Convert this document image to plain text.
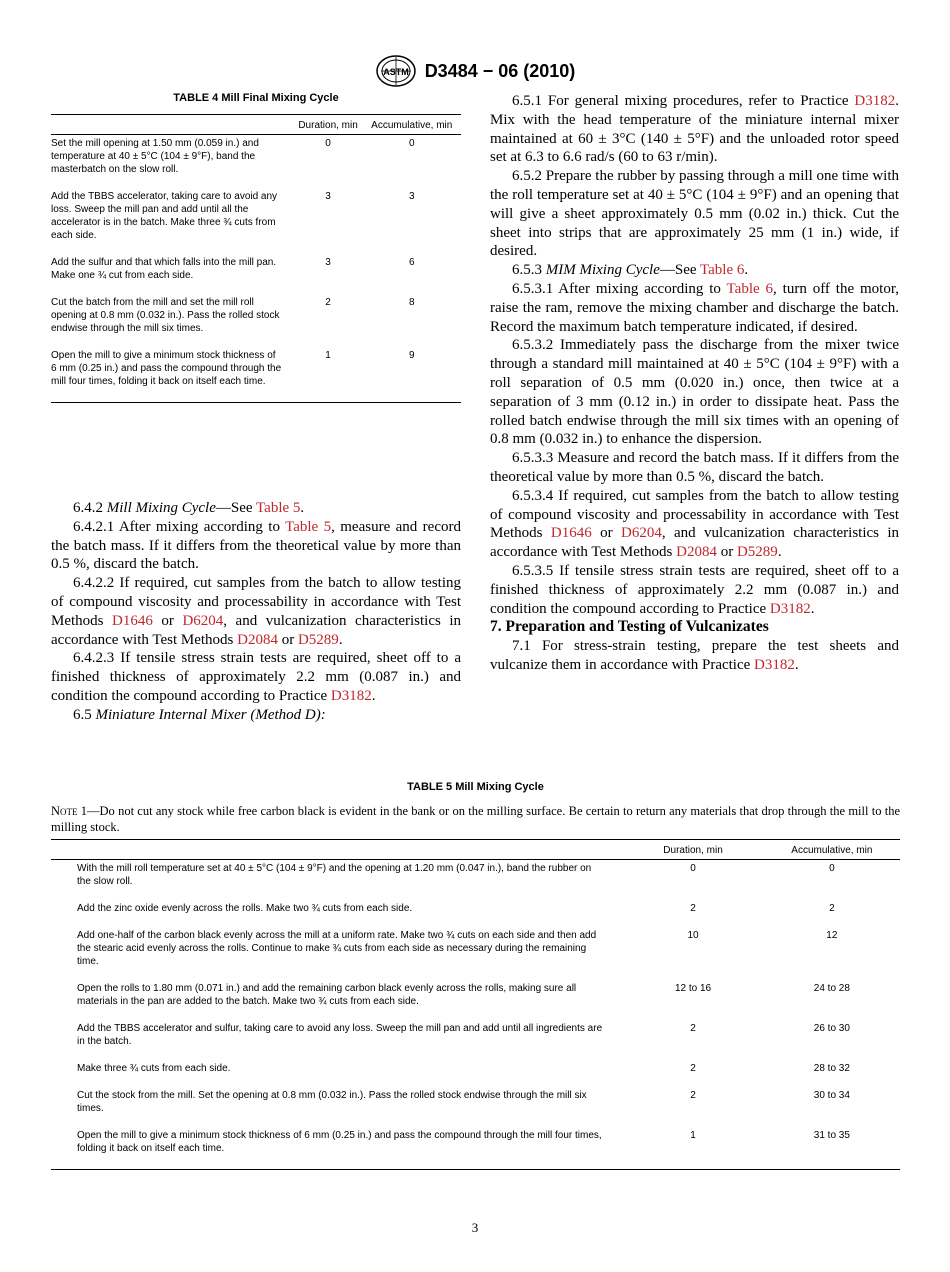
ASTM D3484 − 06 (2010)
TABLE 4 Mill Final Mixing Cycle
	Duration, min	Accumulative, min
Set the mill opening at 1.50 mm (0.059 in.) and temperature at 40 ± 5°C (104 ± 9°F), band the masterbatch on the slow roll.	0	0
Add the TBBS accelerator, taking care to avoid any loss. Sweep the mill pan and add until all the accelerator is in the batch. Make three ¾ cuts from each side.	3	3
Add the sulfur and that which falls into the mill pan. Make one ¾ cut from each side.	3	6
Cut the batch from the mill and set the mill roll opening at 0.8 mm (0.032 in.). Pass the rolled stock endwise through the mill six times.	2	8
Open the mill to give a minimum stock thickness of 6 mm (0.25 in.) and pass the compound through the mill four times, folding it back on itself each time.	1	9

6.4.2 Mill Mixing Cycle—See Table 5.

6.4.2.1 After mixing according to Table 5, measure and record the batch mass. If it differs from the theoretical value by more than 0.5 %, discard the batch.

6.4.2.2 If required, cut samples from the batch to allow testing of compound viscosity and processability in accordance with Test Methods D1646 or D6204, and vulcanization characteristics in accordance with Test Methods D2084 or D5289.

6.4.2.3 If tensile stress strain tests are required, sheet off to a finished thickness of approximately 2.2 mm (0.087 in.) and condition the compound according to Practice D3182.

6.5 Miniature Internal Mixer (Method D):

6.5.1 For general mixing procedures, refer to Practice D3182. Mix with the head temperature of the miniature internal mixer maintained at 60 ± 3°C (140 ± 5°F) and the unloaded rotor speed set at 6.3 to 6.6 rad/s (60 to 63 r/min).

6.5.2 Prepare the rubber by passing through a mill one time with the roll temperature set at 40 ± 5°C (104 ± 9°F) and an opening that will give a sheet approximately 0.5 mm (0.02 in.) thick. Cut the sheet into strips that are approximately 25 mm (1 in.) wide, if desired.

6.5.3 MIM Mixing Cycle—See Table 6.

6.5.3.1 After mixing according to Table 6, turn off the motor, raise the ram, remove the mixing chamber and discharge the batch. Record the maximum batch temperature indicated, if desired.

6.5.3.2 Immediately pass the discharge from the mixer twice through a standard mill maintained at 40 ± 5°C (104 ± 9°F) with a roll separation of 0.5 mm (0.020 in.) once, then twice at a separation of 3 mm (0.12 in.) in order to dissipate heat. Pass the rolled batch endwise through the mill six times with an opening of 0.8 mm (0.032 in.) to enhance the dispersion.

6.5.3.3 Measure and record the batch mass. If it differs from the theoretical value by more than 0.5 %, discard the batch.

6.5.3.4 If required, cut samples from the batch to allow testing of compound viscosity and processability in accordance with Test Methods D1646 or D6204, and vulcanization characteristics in accordance with Test Methods D2084 or D5289.

6.5.3.5 If tensile stress strain tests are required, sheet off to a finished thickness of approximately 2.2 mm (0.087 in.) and condition the compound according to Practice D3182.

7. Preparation and Testing of Vulcanizates

7.1 For stress-strain testing, prepare the test sheets and vulcanize them in accordance with Practice D3182.

TABLE 5 Mill Mixing Cycle

Note 1—Do not cut any stock while free carbon black is evident in the bank or on the milling surface. Be certain to return any materials that drop through the mill to the milling stock.

	Duration, min	Accumulative, min
With the mill roll temperature set at 40 ± 5°C (104 ± 9°F) and the opening at 1.20 mm (0.047 in.), band the rubber on the slow roll.	0	0
Add the zinc oxide evenly across the rolls. Make two ¾ cuts from each side.	2	2
Add one-half of the carbon black evenly across the mill at a uniform rate. Make two ¾ cuts on each side and then add the stearic acid evenly across the rolls. Continue to make ¾ cuts from each side as necessary during the remaining time.	10	12
Open the rolls to 1.80 mm (0.071 in.) and add the remaining carbon black evenly across the rolls, making sure all materials in the pan are added to the batch. Make two ¾ cuts from each side.	12 to 16	24 to 28
Add the TBBS accelerator and sulfur, taking care to avoid any loss. Sweep the mill pan and add until all ingredients are in the batch.	2	26 to 30
Make three ¾ cuts from each side.	2	28 to 32
Cut the stock from the mill. Set the opening at 0.8 mm (0.032 in.). Pass the rolled stock endwise through the mill six times.	2	30 to 34
Open the mill to give a minimum stock thickness of 6 mm (0.25 in.) and pass the compound through the mill four times, folding it back on itself each time.	1	31 to 35
3
